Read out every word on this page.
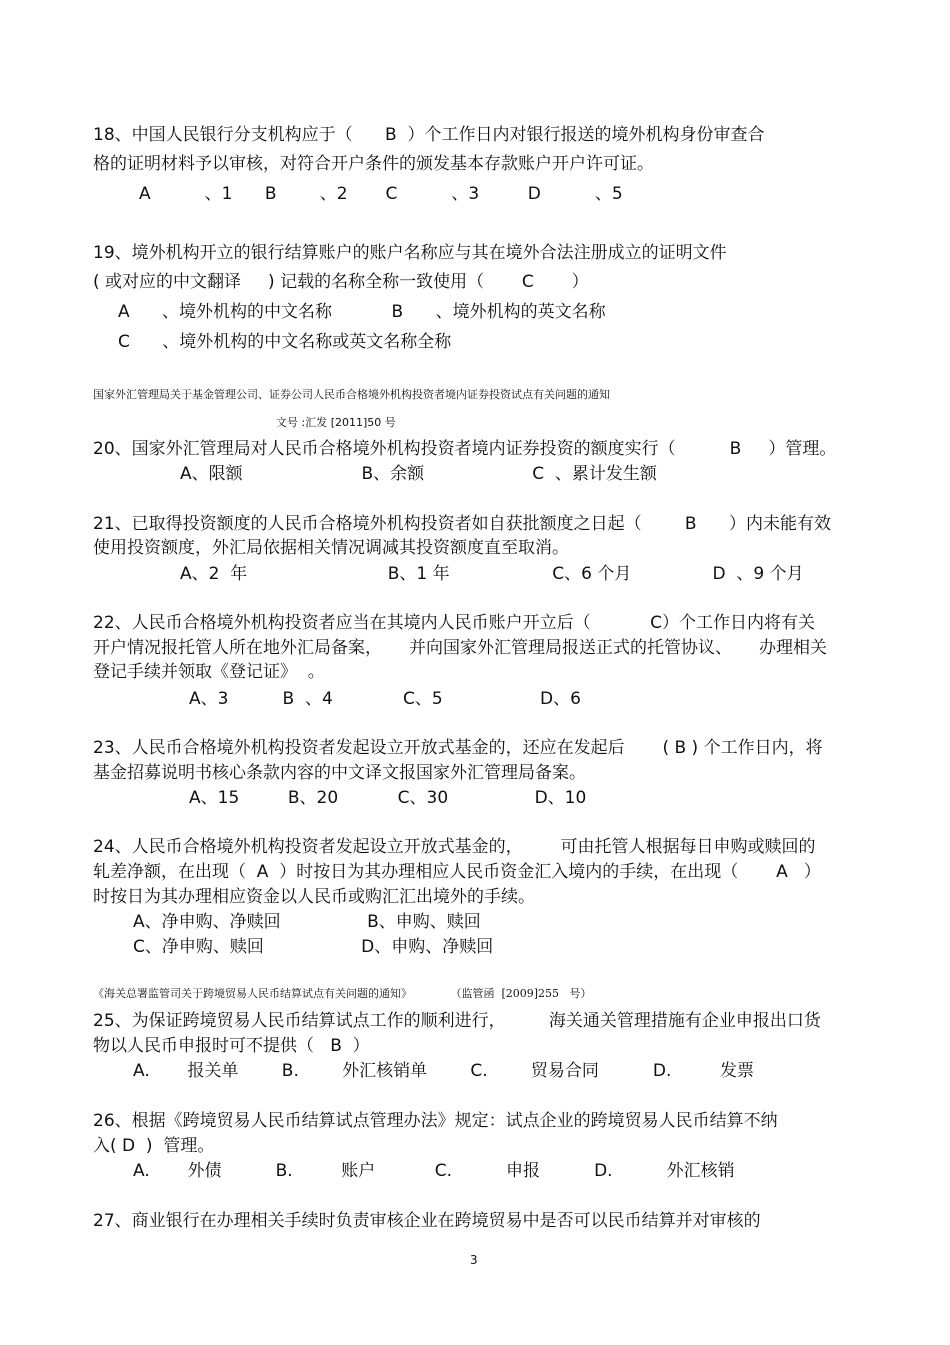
18、中国人民银行分支机构应于（      B  ）个工作日内对银行报送的境外机构身份审查合
格的证明材料予以审核，对符合开户条件的颁发基本存款账户开户许可证。
A          、1      B        、2       C          、3         D          、5
19、境外机构开立的银行结算账户的账户名称应与其在境外合法注册成立的证明文件
( 或对应的中文翻译     ) 记载的名称全称一致使用（       C       ）
A      、境外机构的中文名称           B      、境外机构的英文名称
C      、境外机构的中文名称或英文名称全称
国家外汇管理局关于基金管理公司、证券公司人民币合格境外机构投资者境内证券投资试点有关问题的通知
文号 :汇发 [2011]50 号
20、国家外汇管理局对人民币合格境外机构投资者境内证券投资的额度实行（          B     ）管理。
A、限额                      B、余额                    C  、累计发生额
21、已取得投资额度的人民币合格境外机构投资者如自获批额度之日起（        B      ）内未能有效
使用投资额度，外汇局依据相关情况调减其投资额度直至取消。
A、2  年                          B、1 年                   C、6 个月               D  、9 个月
22、人民币合格境外机构投资者应当在其境内人民币账户开立后（           C）个工作日内将有关
开户情况报托管人所在地外汇局备案，     并向国家外汇管理局报送正式的托管协议、     办理相关
登记手续并领取《登记证》  。
A、3          B  、4             C、5                  D、6
23、人民币合格境外机构投资者发起设立开放式基金的，还应在发起后       ( B ) 个工作日内，将
基金招募说明书核心条款内容的中文译文报国家外汇管理局备案。
A、15         B、20           C、30                D、10
24、人民币合格境外机构投资者发起设立开放式基金的，       可由托管人根据每日申购或赎回的
轧差净额，在出现（  A  ）时按日为其办理相应人民币资金汇入境内的手续，在出现（       A   ）
时按日为其办理相应资金以人民币或购汇汇出境外的手续。
A、净申购、净赎回                B、申购、赎回
C、净申购、赎回                  D、申购、净赎回
《海关总署监管司关于跨境贸易人民币结算试点有关问题的通知》           （监管函  [2009]255   号）
25、为保证跨境贸易人民币结算试点工作的顺利进行，        海关通关管理措施有企业申报出口货
物以人民币申报时可不提供（   B  ）
A.       报关单        B.        外汇核销单        C.        贸易合同          D.         发票
26、根据《跨境贸易人民币结算试点管理办法》规定：试点企业的跨境贸易人民币结算不纳
入( D  )  管理。
A.       外债          B.         账户           C.          申报          D.          外汇核销
27、商业银行在办理相关手续时负责审核企业在跨境贸易中是否可以民币结算并对审核的
3
